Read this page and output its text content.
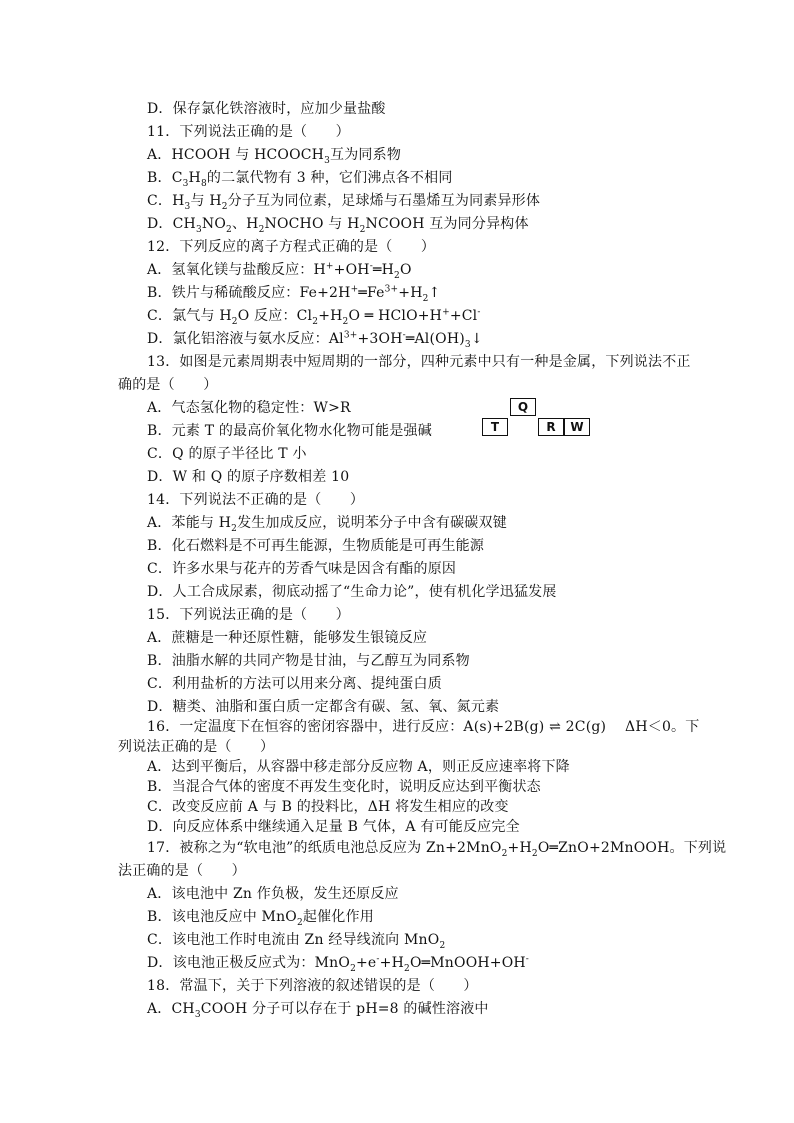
D．保存氯化铁溶液时，应加少量盐酸
11．下列说法正确的是（　　）
A．HCOOH 与 $HCOOCH_3$互为同系物
B．$C_3H_8$的二氯代物有 3 种，它们沸点各不相同
C．$H_3$与 $H_2$分子互为同位素，足球烯与石墨烯互为同素异形体
D．$CH_3NO_2$、$H_2NOCHO$ 与 $H_2NCOOH$ 互为同分异构体
12．下列反应的离子方程式正确的是（　　）
A．氢氧化镁与盐酸反应：$H^++OH^-═H_2O$
B．铁片与稀硫酸反应：$Fe+2H^+═Fe^{3+}+H_2↑$
C．氯气与 $H_2O$ 反应：$Cl_2+H_2O$ ═ HClO+H++Cl-
D．氯化铝溶液与氨水反应：$Al^{3+}+3OH^-═Al(OH)_3↓$
13．如图是元素周期表中短周期的一部分，四种元素中只有一种是金属，下列说法不正
确的是（　　）
A．气态氢化物的稳定性：W>R
B．元素 T 的最高价氧化物水化物可能是强碱
C．Q 的原子半径比 T 小
D．W 和 Q 的原子序数相差 10
Q
T	R	W
14．下列说法不正确的是（　　）
A．苯能与 $H_2$发生加成反应，说明苯分子中含有碳碳双键
B．化石燃料是不可再生能源，生物质能是可再生能源
C．许多水果与花卉的芳香气味是因含有酯的原因
D．人工合成尿素，彻底动摇了“生命力论”，使有机化学迅猛发展
15．下列说法正确的是（　　）
A．蔗糖是一种还原性糖，能够发生银镜反应
B．油脂水解的共同产物是甘油，与乙醇互为同系物
C．利用盐析的方法可以用来分离、提纯蛋白质
D．糖类、油脂和蛋白质一定都含有碳、氢、氧、氮元素
16．一定温度下在恒容的密闭容器中，进行反应：A(s)+2B(g) ⇌ 2C(g)　 ΔH＜0。下
列说法正确的是（　　）
A．达到平衡后，从容器中移走部分反应物 A，则正反应速率将下降
B．当混合气体的密度不再发生变化时，说明反应达到平衡状态
C．改变反应前 A 与 B 的投料比，ΔH 将发生相应的改变
D．向反应体系中继续通入足量 B 气体，A 有可能反应完全
17．被称之为“软电池”的纸质电池总反应为 $Zn+2MnO_2+H_2O═ZnO+2MnOOH$。下列说
法正确的是（　　）
A．该电池中 Zn 作负极，发生还原反应
B．该电池反应中 MnO$_2$起催化作用
C．该电池工作时电流由 Zn 经导线流向 MnO$_2$
D．该电池正极反应式为：$MnO_2+e^-+H_2O═MnOOH+OH^-$
18．常温下，关于下列溶液的叙述错误的是（　　）
A．$CH_3COOH$ 分子可以存在于 pH=8 的碱性溶液中
